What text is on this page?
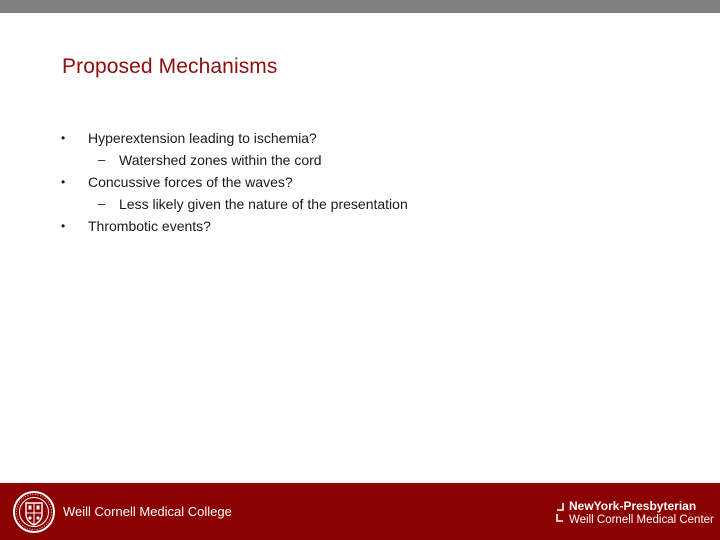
Proposed Mechanisms
• Hyperextension leading to ischemia?
– Watershed zones within the cord
• Concussive forces of the waves?
– Less likely given the nature of the presentation
• Thrombotic events?
Weill Cornell Medical College	NewYork-Presbyterian
Weill Cornell Medical Center
